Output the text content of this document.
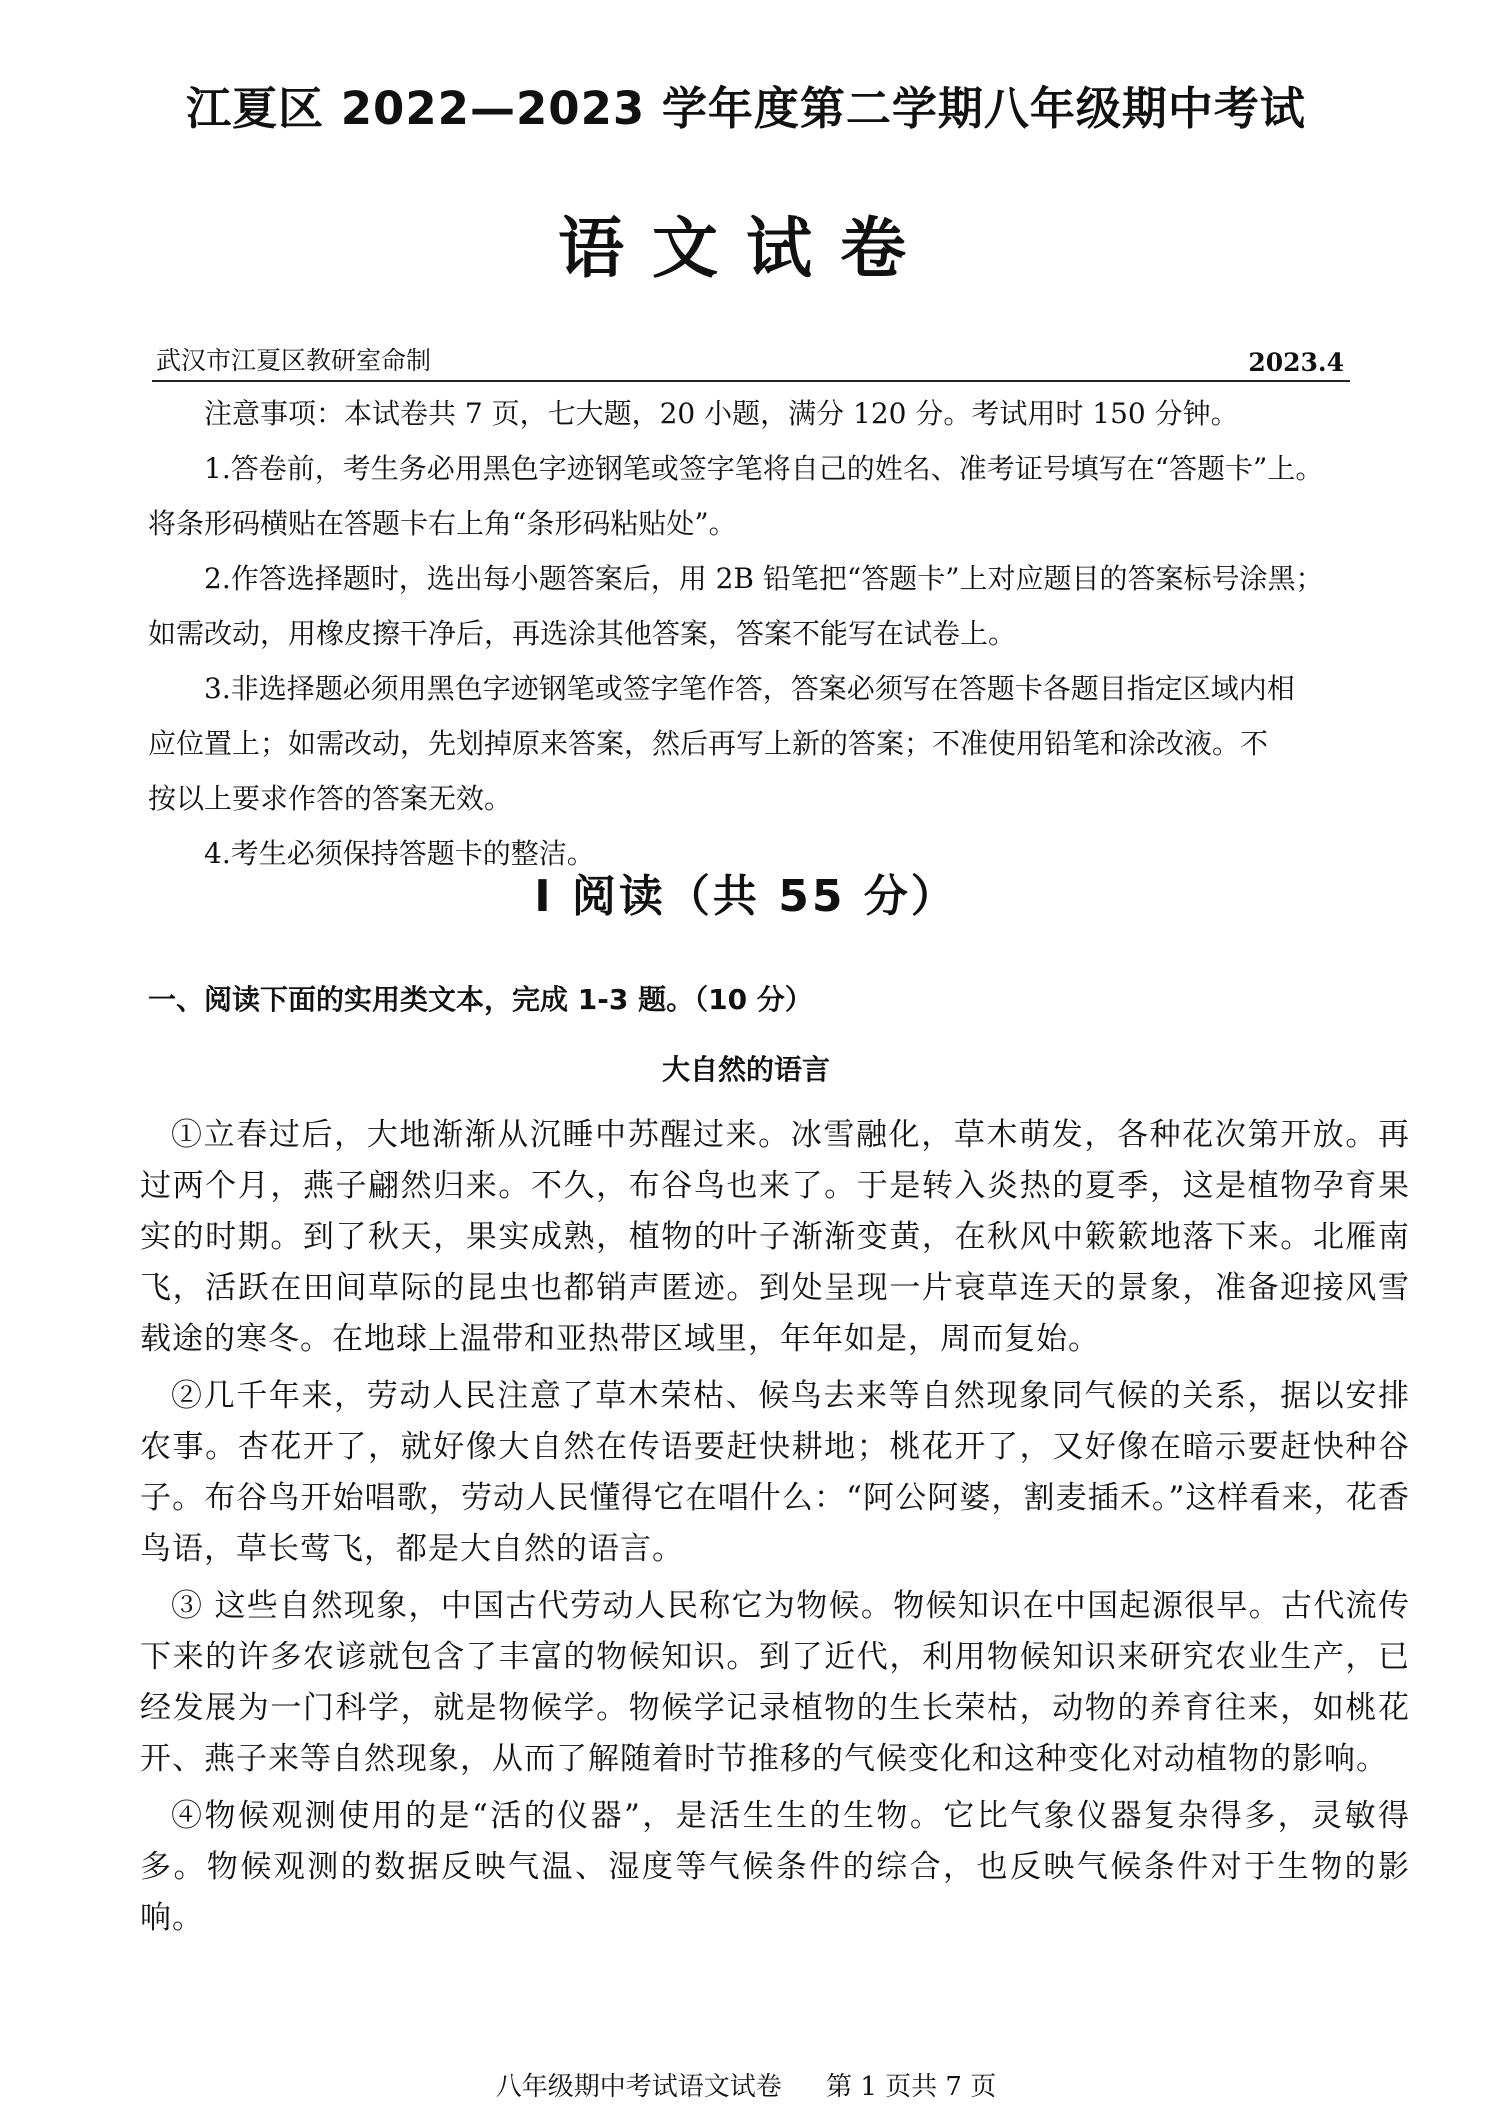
江夏区 2022—2023 学年度第二学期八年级期中考试
语文试卷
武汉市江夏区教研室命制	2023.4

注意事项：本试卷共 7 页，七大题，20 小题，满分 120 分。考试用时 150 分钟。

1.答卷前，考生务必用黑色字迹钢笔或签字笔将自己的姓名、准考证号填写在“答题卡”上。

将条形码横贴在答题卡右上角“条形码粘贴处”。

2.作答选择题时，选出每小题答案后，用 2B 铅笔把“答题卡”上对应题目的答案标号涂黑；

如需改动，用橡皮擦干净后，再选涂其他答案，答案不能写在试卷上。

3.非选择题必须用黑色字迹钢笔或签字笔作答，答案必须写在答题卡各题目指定区域内相

应位置上；如需改动，先划掉原来答案，然后再写上新的答案；不准使用铅笔和涂改液。不

按以上要求作答的答案无效。

4.考生必须保持答题卡的整洁。

I 阅读（共 55 分）
一、阅读下面的实用类文本，完成 1-3 题。（10 分）
大自然的语言

①立春过后，大地渐渐从沉睡中苏醒过来。冰雪融化，草木萌发，各种花次第开放。再过两个月，燕子翩然归来。不久，布谷鸟也来了。于是转入炎热的夏季，这是植物孕育果实的时期。到了秋天，果实成熟，植物的叶子渐渐变黄，在秋风中簌簌地落下来。北雁南飞，活跃在田间草际的昆虫也都销声匿迹。到处呈现一片衰草连天的景象，准备迎接风雪载途的寒冬。在地球上温带和亚热带区域里，年年如是，周而复始。

②几千年来，劳动人民注意了草木荣枯、候鸟去来等自然现象同气候的关系，据以安排农事。杏花开了，就好像大自然在传语要赶快耕地；桃花开了，又好像在暗示要赶快种谷子。布谷鸟开始唱歌，劳动人民懂得它在唱什么：“阿公阿婆，割麦插禾。”这样看来，花香鸟语，草长莺飞，都是大自然的语言。

③ 这些自然现象，中国古代劳动人民称它为物候。物候知识在中国起源很早。古代流传下来的许多农谚就包含了丰富的物候知识。到了近代，利用物候知识来研究农业生产，已经发展为一门科学，就是物候学。物候学记录植物的生长荣枯，动物的养育往来，如桃花开、燕子来等自然现象，从而了解随着时节推移的气候变化和这种变化对动植物的影响。

④物候观测使用的是“活的仪器”，是活生生的生物。它比气象仪器复杂得多，灵敏得多。物候观测的数据反映气温、湿度等气候条件的综合，也反映气候条件对于生物的影响。

八年级期中考试语文试卷 第 1 页共 7 页
